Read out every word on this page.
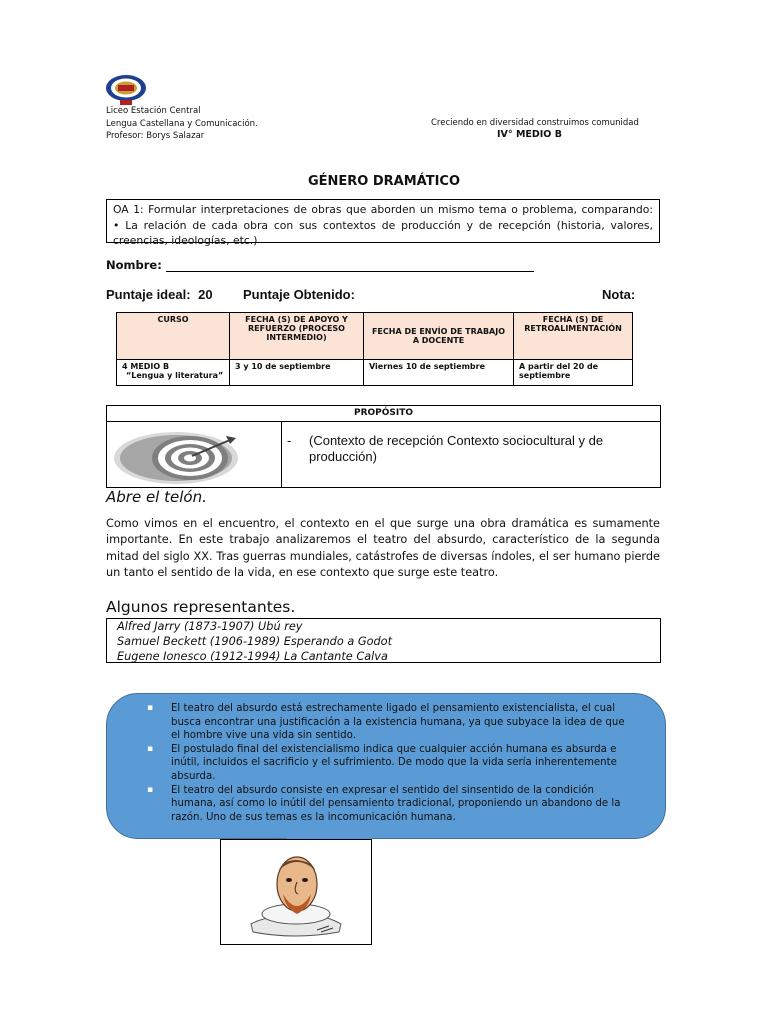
Liceo Estación Central
Lengua Castellana y Comunicación.
Profesor: Borys Salazar
Creciendo en diversidad construimos comunidad
IV° MEDIO B
GÉNERO DRAMÁTICO

OA 1: Formular interpretaciones de obras que aborden un mismo tema o problema, comparando:

• La relación de cada obra con sus contextos de producción y de recepción (historia, valores,

creencias, ideologías, etc.)

Nombre:
Puntaje ideal: 20 Puntaje Obtenido:	Nota:
CURSO	FECHA (S) DE APOYO Y REFUERZO (PROCESO INTERMEDIO)	FECHA DE ENVÍO DE TRABAJO A DOCENTE	FECHA (S) DE RETROALIMENTACIÓN

4 MEDIO B
“Lengua y literatura”	3 y 10 de septiembre	Viernes 10 de septiembre	A partir del 20 de septiembre
PROPÓSITO
- (Contexto de recepción Contexto sociocultural y de producción)
Abre el telón.
Como vimos en el encuentro, el contexto en el que surge una obra dramática es sumamente importante. En este trabajo analizaremos el teatro del absurdo, característico de la segunda mitad del siglo XX. Tras guerras mundiales, catástrofes de diversas índoles, el ser humano pierde un tanto el sentido de la vida, en ese contexto que surge este teatro.
Algunos representantes.
Alfred Jarry (1873-1907) Ubú rey
Samuel Beckett (1906-1989) Esperando a Godot
Eugene Ionesco (1912-1994) La Cantante Calva
▪ El teatro del absurdo está estrechamente ligado el pensamiento existencialista, el cual busca encontrar una justificación a la existencia humana, ya que subyace la idea de que el hombre vive una vida sin sentido.
▪ El postulado final del existencialismo indica que cualquier acción humana es absurda e inútil, incluidos el sacrificio y el sufrimiento. De modo que la vida sería inherentemente absurda.
▪ El teatro del absurdo consiste en expresar el sentido del sinsentido de la condición humana, así como lo inútil del pensamiento tradicional, proponiendo un abandono de la razón. Uno de sus temas es la incomunicación humana.
